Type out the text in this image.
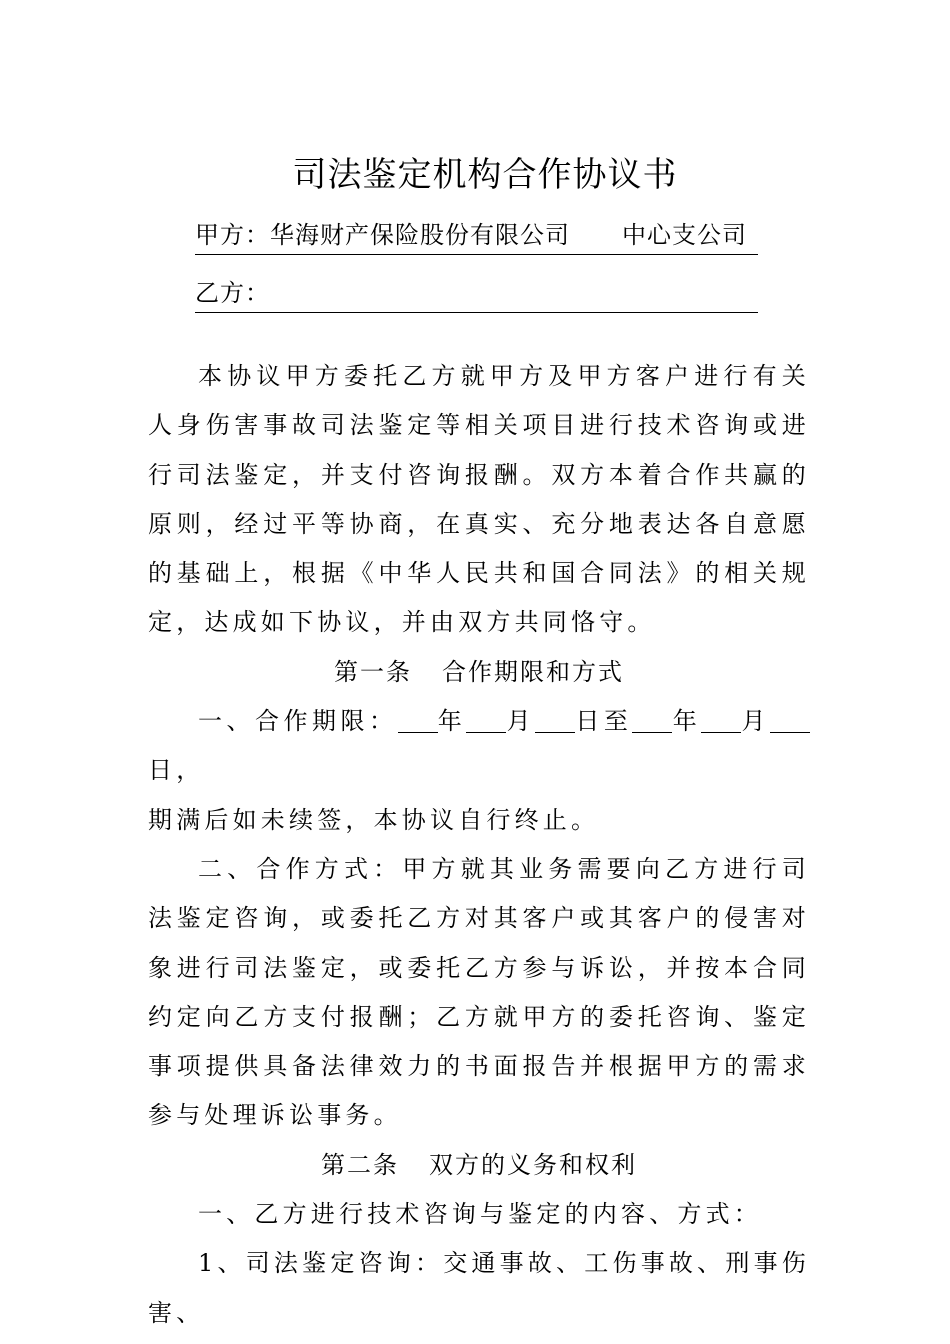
司法鉴定机构合作协议书
甲方：华海财产保险股份有限公司 中心支公司
乙方：

本协议甲方委托乙方就甲方及甲方客户进行有关人身伤害事故司法鉴定等相关项目进行技术咨询或进行司法鉴定，并支付咨询报酬。双方本着合作共赢的原则，经过平等协商，在真实、充分地表达各自意愿的基础上，根据《中华人民共和国合同法》的相关规定，达成如下协议，并由双方共同恪守。

第一条 合作期限和方式

一、合作期限： 年 月 日至 年 月日，

期满后如未续签，本协议自行终止。

二、合作方式：甲方就其业务需要向乙方进行司法鉴定咨询，或委托乙方对其客户或其客户的侵害对象进行司法鉴定，或委托乙方参与诉讼，并按本合同约定向乙方支付报酬；乙方就甲方的委托咨询、鉴定事项提供具备法律效力的书面报告并根据甲方的需求参与处理诉讼事务。

第二条 双方的义务和权利

一、乙方进行技术咨询与鉴定的内容、方式：

1、司法鉴定咨询：交通事故、工伤事故、刑事伤害、
